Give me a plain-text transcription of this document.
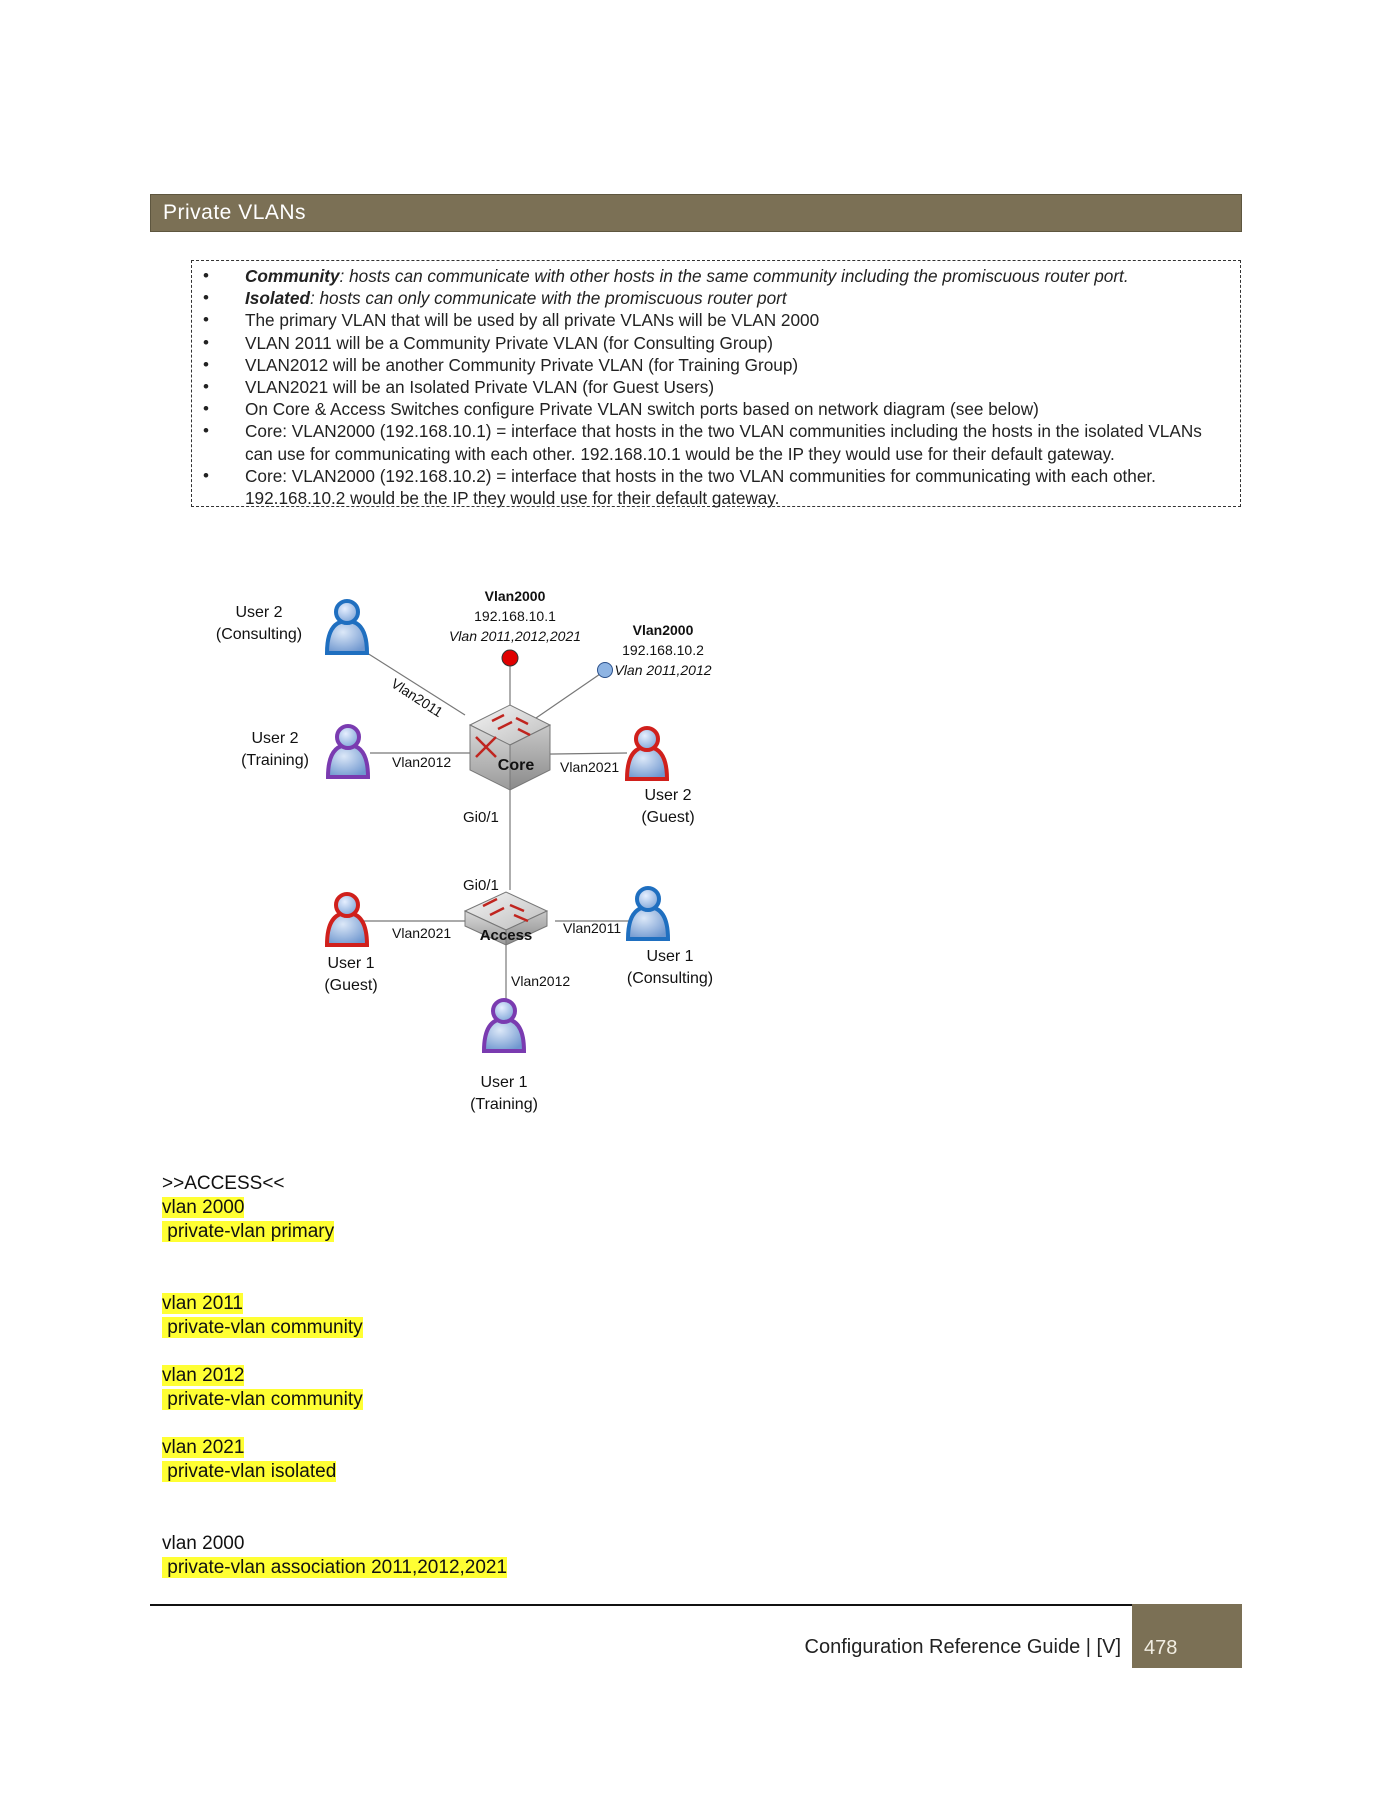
Private VLANs
• Community: hosts can communicate with other hosts in the same community including the promiscuous router port.
• Isolated: hosts can only communicate with the promiscuous router port
• The primary VLAN that will be used by all private VLANs will be VLAN 2000
• VLAN 2011 will be a Community Private VLAN (for Consulting Group)
• VLAN2012 will be another Community Private VLAN (for Training Group)
• VLAN2021 will be an Isolated Private VLAN (for Guest Users)
• On Core & Access Switches configure Private VLAN switch ports based on network diagram (see below)
• Core: VLAN2000 (192.168.10.1) = interface that hosts in the two VLAN communities including the hosts in the isolated VLANs can use for communicating with each other. 192.168.10.1 would be the IP they would use for their default gateway.
• Core: VLAN2000 (192.168.10.2) = interface that hosts in the two VLAN communities for communicating with each other. 192.168.10.2 would be the IP they would use for their default gateway.
Vlan2000
192.168.10.1
Vlan 2011,2012,2021	Vlan2000
192.168.10.2
Vlan 2011,2012
Vlan2011
Vlan2012	Vlan2021
Gi0/1
Gi0/1
Vlan2021	Vlan2011
Vlan2012
Core
Access
User 2
(Consulting)
User 2
(Training)
User 2
(Guest)
User 1
(Guest)
User 1
(Consulting)
User 1
(Training)
>>ACCESS<<
vlan 2000
private-vlan primary
vlan 2011
private-vlan community
vlan 2012
private-vlan community
vlan 2021
private-vlan isolated
vlan 2000
private-vlan association 2011,2012,2021
Configuration Reference Guide | [V]	478
